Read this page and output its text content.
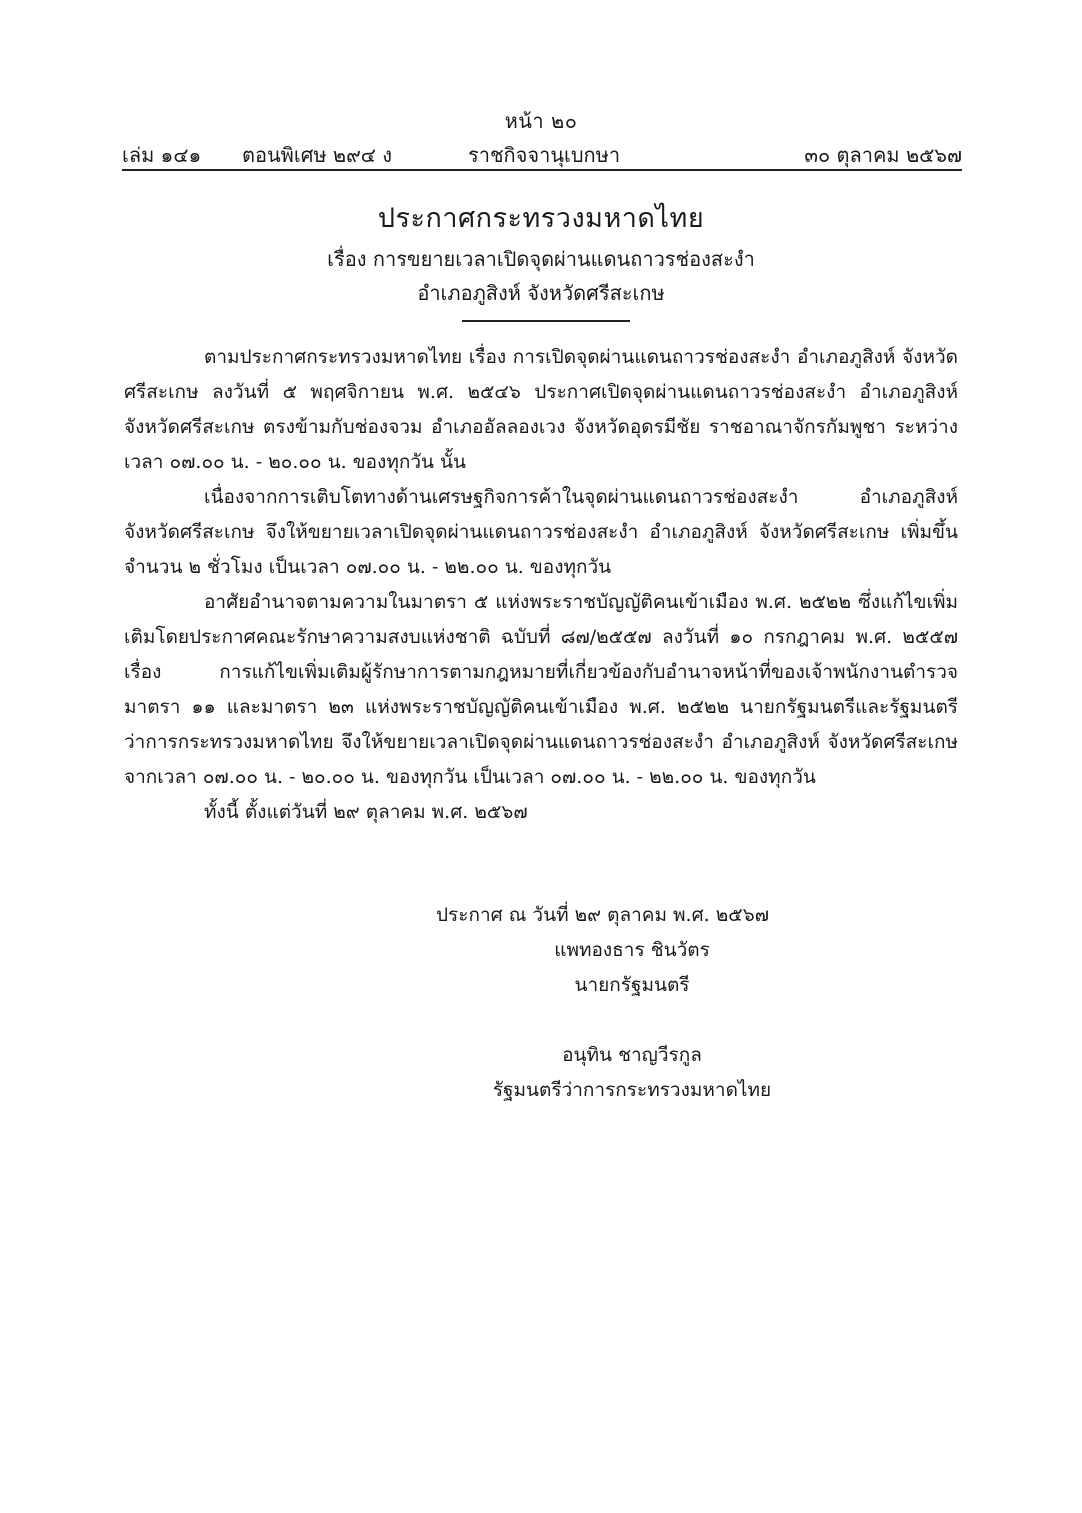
หน้า ๒๐
เล่ม ๑๔๑ ตอนพิเศษ ๒๙๔ ง	ราชกิจจานุเบกษา	๓๐ ตุลาคม ๒๕๖๗
ประกาศกระทรวงมหาดไทย
เรื่อง การขยายเวลาเปิดจุดผ่านแดนถาวรช่องสะงำ
อำเภอภูสิงห์ จังหวัดศรีสะเกษ

ตามประกาศกระทรวงมหาดไทย เรื่อง การเปิดจุดผ่านแดนถาวรช่องสะงำ อำเภอภูสิงห์ จังหวัดศรีสะเกษ ลงวันที่ ๕ พฤศจิกายน พ.ศ. ๒๕๔๖ ประกาศเปิดจุดผ่านแดนถาวรช่องสะงำ อำเภอภูสิงห์ จังหวัดศรีสะเกษ ตรงข้ามกับช่องจวม อำเภออัลลองเวง จังหวัดอุดรมีชัย ราชอาณาจักรกัมพูชา ระหว่างเวลา ๐๗.๐๐ น. - ๒๐.๐๐ น. ของทุกวัน นั้น

เนื่องจากการเติบโตทางด้านเศรษฐกิจการค้าในจุดผ่านแดนถาวรช่องสะงำ อำเภอภูสิงห์ จังหวัดศรีสะเกษ จึงให้ขยายเวลาเปิดจุดผ่านแดนถาวรช่องสะงำ อำเภอภูสิงห์ จังหวัดศรีสะเกษ เพิ่มขึ้นจำนวน ๒ ชั่วโมง เป็นเวลา ๐๗.๐๐ น. - ๒๒.๐๐ น. ของทุกวัน

อาศัยอำนาจตามความในมาตรา ๕ แห่งพระราชบัญญัติคนเข้าเมือง พ.ศ. ๒๕๒๒ ซึ่งแก้ไขเพิ่มเติมโดยประกาศคณะรักษาความสงบแห่งชาติ ฉบับที่ ๘๗/๒๕๕๗ ลงวันที่ ๑๐ กรกฎาคม พ.ศ. ๒๕๕๗ เรื่อง การแก้ไขเพิ่มเติมผู้รักษาการตามกฎหมายที่เกี่ยวข้องกับอำนาจหน้าที่ของเจ้าพนักงานตำรวจ มาตรา ๑๑ และมาตรา ๒๓ แห่งพระราชบัญญัติคนเข้าเมือง พ.ศ. ๒๕๒๒ นายกรัฐมนตรีและรัฐมนตรีว่าการกระทรวงมหาดไทย จึงให้ขยายเวลาเปิดจุดผ่านแดนถาวรช่องสะงำ อำเภอภูสิงห์ จังหวัดศรีสะเกษ จากเวลา ๐๗.๐๐ น. - ๒๐.๐๐ น. ของทุกวัน เป็นเวลา ๐๗.๐๐ น. - ๒๒.๐๐ น. ของทุกวัน

ทั้งนี้ ตั้งแต่วันที่ ๒๙ ตุลาคม พ.ศ. ๒๕๖๗

ประกาศ ณ วันที่ ๒๙ ตุลาคม พ.ศ. ๒๕๖๗
แพทองธาร ชินวัตร
นายกรัฐมนตรี
อนุทิน ชาญวีรกูล
รัฐมนตรีว่าการกระทรวงมหาดไทย
